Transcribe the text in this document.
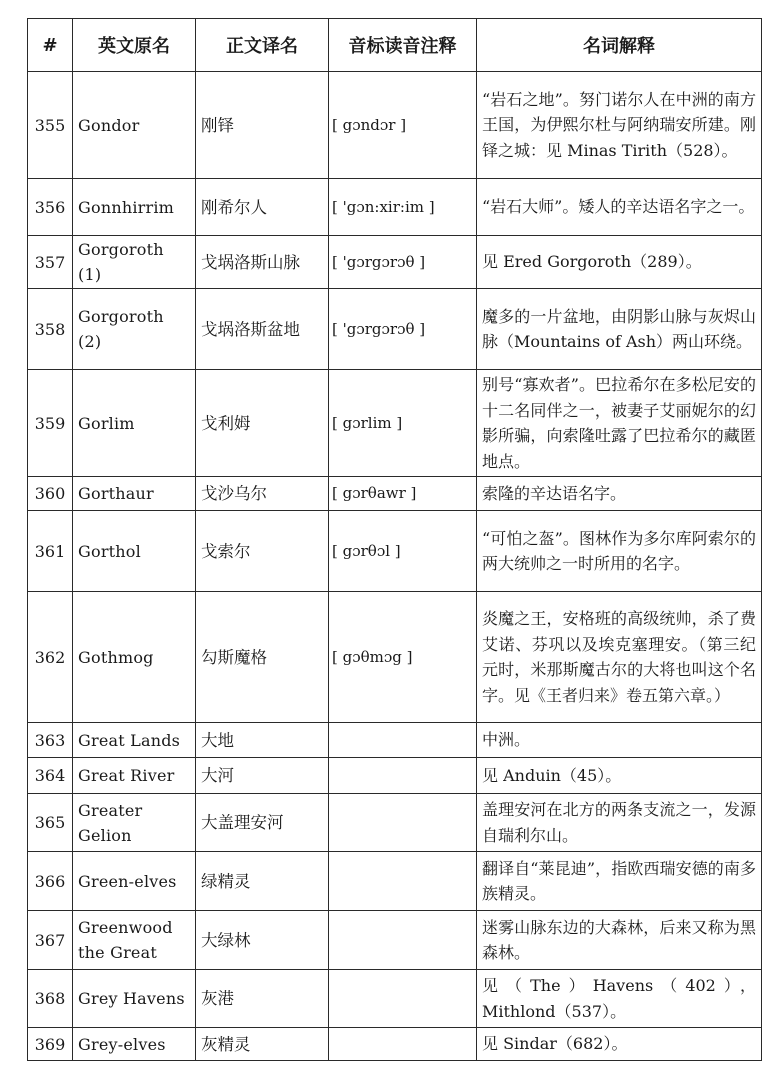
#	英文原名	正文译名	音标读音注释	名词解释
355	Gondor	刚铎	[ gɔndɔr ]	“岩石之地”。努门诺尔人在中洲的南方王国，为伊熙尔杜与阿纳瑞安所建。刚铎之城：见 Minas Tirith（528）。
356	Gonnhirrim	刚希尔人	[ 'gɔn:xir:im ]	“岩石大师”。矮人的辛达语名字之一。
357	Gorgoroth (1)	戈埚洛斯山脉	[ 'gɔrgɔrɔθ ]	见 Ered Gorgoroth（289）。
358	Gorgoroth (2)	戈埚洛斯盆地	[ 'gɔrgɔrɔθ ]	魔多的一片盆地，由阴影山脉与灰烬山脉（Mountains of Ash）两山环绕。
359	Gorlim	戈利姆	[ gɔrlim ]	别号“寡欢者”。巴拉希尔在多松尼安的十二名同伴之一，被妻子艾丽妮尔的幻影所骗，向索隆吐露了巴拉希尔的藏匿地点。
360	Gorthaur	戈沙乌尔	[ gɔrθawr ]	索隆的辛达语名字。
361	Gorthol	戈索尔	[ gɔrθɔl ]	“可怕之盔”。图林作为多尔库阿索尔的两大统帅之一时所用的名字。
362	Gothmog	勾斯魔格	[ gɔθmɔg ]	炎魔之王，安格班的高级统帅，杀了费艾诺、芬巩以及埃克塞理安。（第三纪元时，米那斯魔古尔的大将也叫这个名字。见《王者归来》卷五第六章。）
363	Great Lands	大地		中洲。
364	Great River	大河		见 Anduin（45）。
365	Greater Gelion	大盖理安河		盖理安河在北方的两条支流之一，发源自瑞利尔山。
366	Green-elves	绿精灵		翻译自“莱昆迪”，指欧西瑞安德的南多族精灵。
367	Greenwood the Great	大绿林		迷雾山脉东边的大森林，后来又称为黑森林。
368	Grey Havens	灰港		见（The）Havens（402），Mithlond（537）。
369	Grey-elves	灰精灵		见 Sindar（682）。
